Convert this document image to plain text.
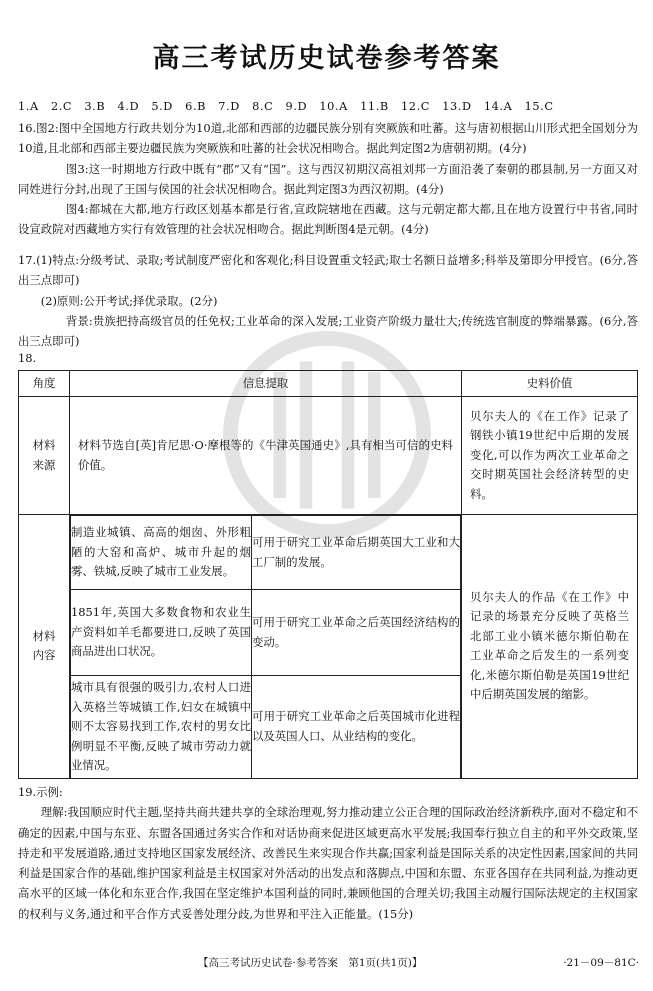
高三考试历史试卷参考答案
1.A 2.C 3.B 4.D 5.D 6.B 7.D 8.C 9.D 10.A 11.B 12.C 13.D 14.A 15.C

16.图2:图中全国地方行政共划分为10道,北部和西部的边疆民族分别有突厥族和吐蕃。这与唐初根据山川形式把全国划分为10道,且北部和西部主要边疆民族为突厥族和吐蕃的社会状况相吻合。据此判定图2为唐朝初期。(4分)

图3:这一时期地方行政中既有“郡”又有“国”。这与西汉初期汉高祖刘邦一方面沿袭了秦朝的郡县制,另一方面又对同姓进行分封,出现了王国与侯国的社会状况相吻合。据此判定图3为西汉初期。(4分)

图4:都城在大都,地方行政区划基本都是行省,宣政院辖地在西藏。这与元朝定都大都,且在地方设置行中书省,同时设宣政院对西藏地方实行有效管理的社会状况相吻合。据此判断图4是元朝。(4分)

17.(1)特点:分级考试、录取;考试制度严密化和客观化;科目设置重文轻武;取士名额日益增多;科举及第即分甲授官。(6分,答出三点即可)

(2)原则:公开考试;择优录取。(2分)

背景:贵族把持高级官员的任免权;工业革命的深入发展;工业资产阶级力量壮大;传统选官制度的弊端暴露。(6分,答出三点即可)

18.
角度	信息提取	史料价值

材料来源
	材料节选自[英]肯尼思·O·摩根等的《牛津英国通史》,具有相当可信的史料价值。	贝尔夫人的《在工作》记录了钢铁小镇19世纪中后期的发展变化,可以作为两次工业革命之交时期英国社会经济转型的史料。

材料内容

制造业城镇、高高的烟囱、外形粗陋的大窑和高炉、城市升起的烟雾、铁城,反映了城市工业发展。	可用于研究工业革命后期英国大工业和大工厂制的发展。
1851年,英国大多数食物和农业生产资料如羊毛都要进口,反映了英国商品进出口状况。	可用于研究工业革命之后英国经济结构的变动。
城市具有很强的吸引力,农村人口进入英格兰等城镇工作,妇女在城镇中则不太容易找到工作,农村的男女比例明显不平衡,反映了城市劳动力就业情况。	可用于研究工业革命之后英国城市化进程以及英国人口、从业结构的变化。
	贝尔夫人的作品《在工作》中记录的场景充分反映了英格兰北部工业小镇米德尔斯伯勒在工业革命之后发生的一系列变化,米德尔斯伯勒是英国19世纪中后期英国发展的缩影。

19.示例:

理解:我国顺应时代主题,坚持共商共建共享的全球治理观,努力推动建立公正合理的国际政治经济新秩序,面对不稳定和不确定的因素,中国与东亚、东盟各国通过务实合作和对话协商来促进区域更高水平发展;我国奉行独立自主的和平外交政策,坚持走和平发展道路,通过支持地区国家发展经济、改善民生来实现合作共赢;国家利益是国际关系的决定性因素,国家间的共同利益是国家合作的基础,维护国家利益是主权国家对外活动的出发点和落脚点,中国和东盟、东亚各国存在共同利益,为推动更高水平的区域一体化和东亚合作,我国在坚定维护本国利益的同时,兼顾他国的合理关切;我国主动履行国际法规定的主权国家的权利与义务,通过和平合作方式妥善处理分歧,为世界和平注入正能量。(15分)

【高三考试历史试卷·参考答案　第1页(共1页)】	·21－09－81C·
